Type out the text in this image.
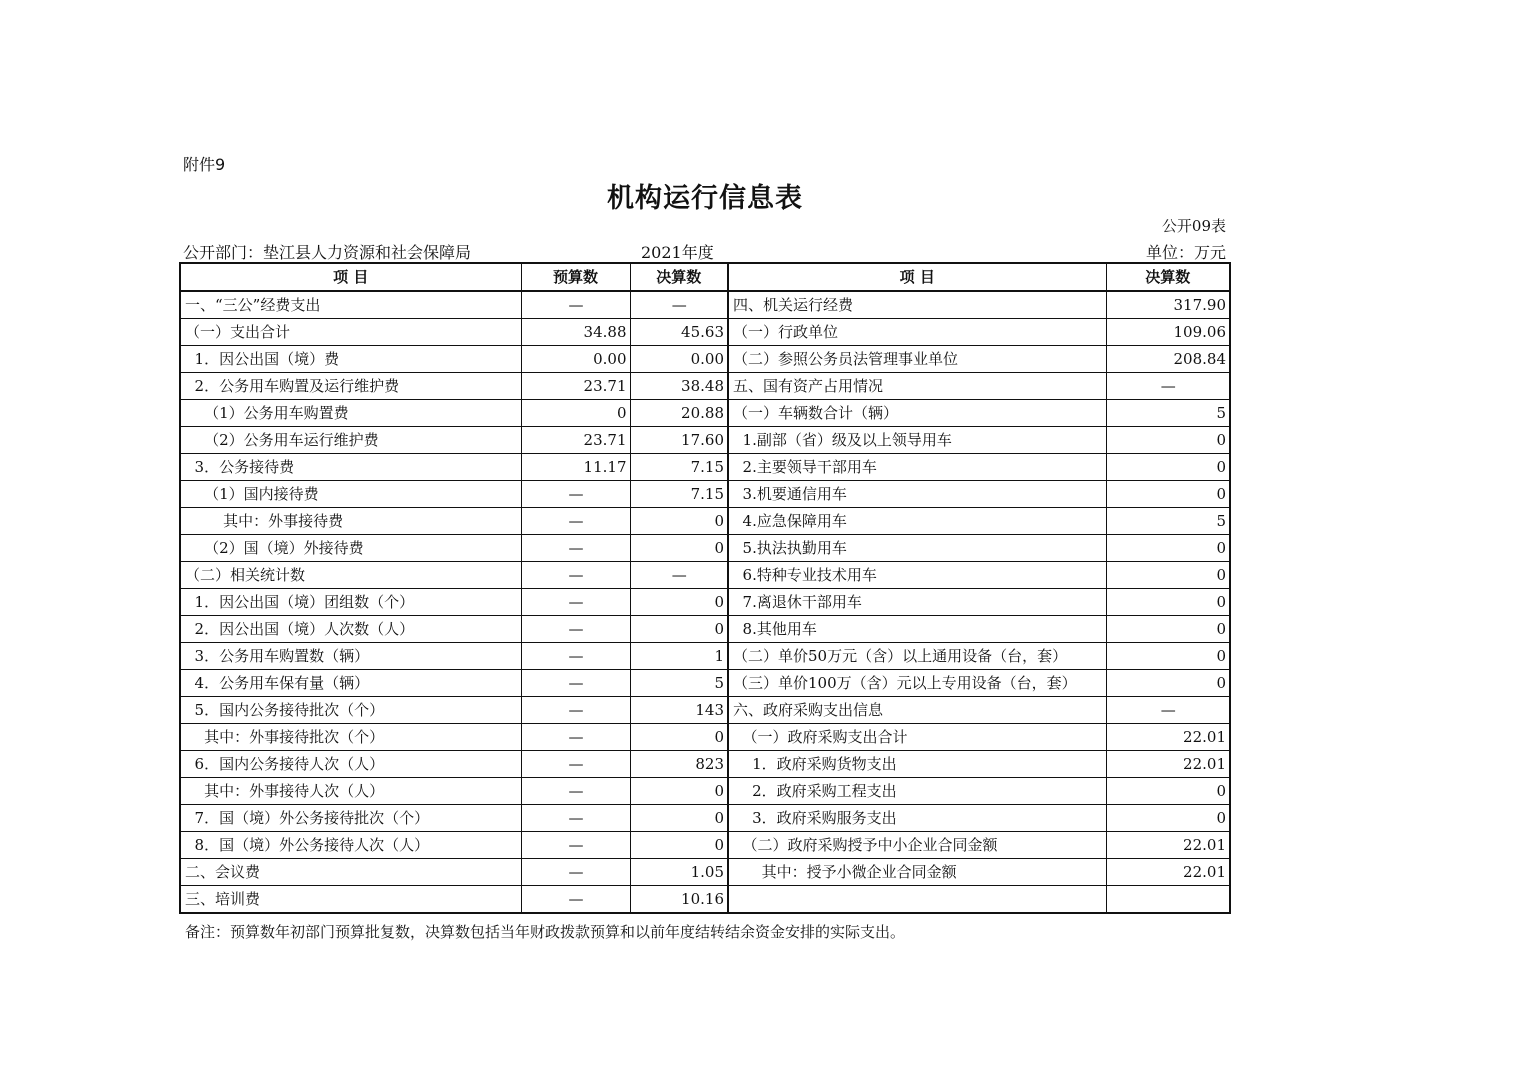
附件9
机构运行信息表
公开09表
公开部门：垫江县人力资源和社会保障局	2021年度	单位：万元
项 目	预算数	决算数	项 目	决算数
一、“三公”经费支出	—	—	四、机关运行经费	317.90
（一）支出合计	34.88	45.63	（一）行政单位	109.06
1．因公出国（境）费	0.00	0.00	（二）参照公务员法管理事业单位	208.84
2．公务用车购置及运行维护费	23.71	38.48	五、国有资产占用情况	—
（1）公务用车购置费	0	20.88	（一）车辆数合计（辆）	5
（2）公务用车运行维护费	23.71	17.60	1.副部（省）级及以上领导用车	0
3．公务接待费	11.17	7.15	2.主要领导干部用车	0
（1）国内接待费	—	7.15	3.机要通信用车	0
其中：外事接待费	—	0	4.应急保障用车	5
（2）国（境）外接待费	—	0	5.执法执勤用车	0
（二）相关统计数	—	—	6.特种专业技术用车	0
1．因公出国（境）团组数（个）	—	0	7.离退休干部用车	0
2．因公出国（境）人次数（人）	—	0	8.其他用车	0
3．公务用车购置数（辆）	—	1	（二）单价50万元（含）以上通用设备（台，套）	0
4．公务用车保有量（辆）	—	5	（三）单价100万（含）元以上专用设备（台，套）	0
5．国内公务接待批次（个）	—	143	六、政府采购支出信息	—
其中：外事接待批次（个）	—	0	（一）政府采购支出合计	22.01
6．国内公务接待人次（人）	—	823	1．政府采购货物支出	22.01
其中：外事接待人次（人）	—	0	2．政府采购工程支出	0
7．国（境）外公务接待批次（个）	—	0	3．政府采购服务支出	0
8．国（境）外公务接待人次（人）	—	0	（二）政府采购授予中小企业合同金额	22.01
二、会议费	—	1.05	其中：授予小微企业合同金额	22.01
三、培训费	—	10.16		
备注：预算数年初部门预算批复数，决算数包括当年财政拨款预算和以前年度结转结余资金安排的实际支出。
